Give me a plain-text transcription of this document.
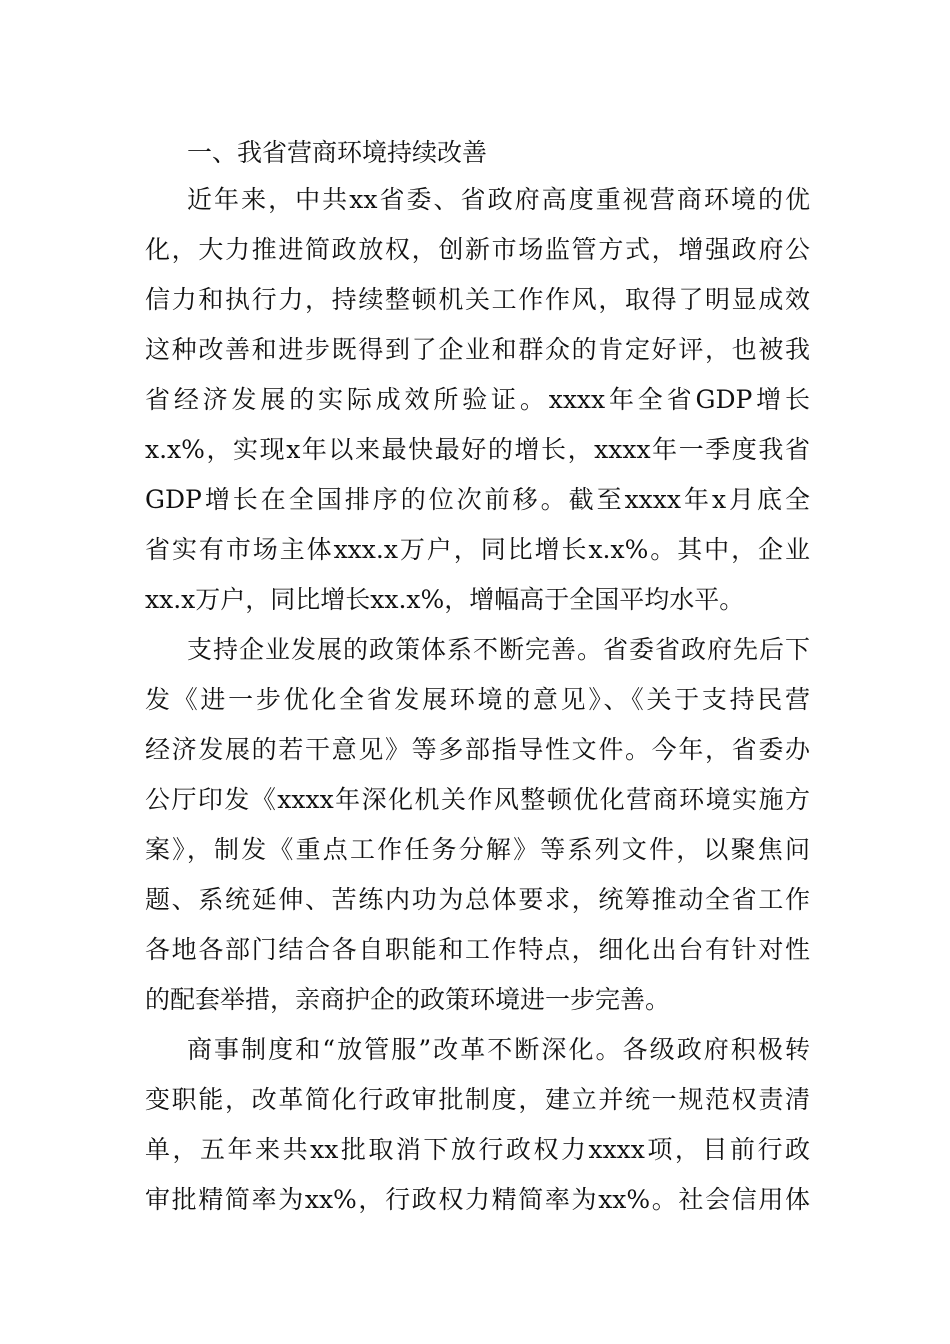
一、我省营商环境持续改善
近年来，中共xx省委、省政府高度重视营商环境的优
化，大力推进简政放权，创新市场监管方式，增强政府公
信力和执行力，持续整顿机关工作作风，取得了明显成效
这种改善和进步既得到了企业和群众的肯定好评，也被我
省经济发展的实际成效所验证。xxxx年全省GDP增长
x.x%，实现x年以来最快最好的增长，xxxx年一季度我省
GDP增长在全国排序的位次前移。截至xxxx年x月底全
省实有市场主体xxx.x万户，同比增长x.x%。其中，企业
xx.x万户，同比增长xx.x%，增幅高于全国平均水平。
支持企业发展的政策体系不断完善。省委省政府先后下
发《进一步优化全省发展环境的意见》、《关于支持民营
经济发展的若干意见》等多部指导性文件。今年，省委办
公厅印发《xxxx年深化机关作风整顿优化营商环境实施方
案》，制发《重点工作任务分解》等系列文件，以聚焦问
题、系统延伸、苦练内功为总体要求，统筹推动全省工作
各地各部门结合各自职能和工作特点，细化出台有针对性
的配套举措，亲商护企的政策环境进一步完善。
商事制度和“放管服”改革不断深化。各级政府积极转
变职能，改革简化行政审批制度，建立并统一规范权责清
单，五年来共xx批取消下放行政权力xxxx项，目前行政
审批精简率为xx%，行政权力精简率为xx%。社会信用体
